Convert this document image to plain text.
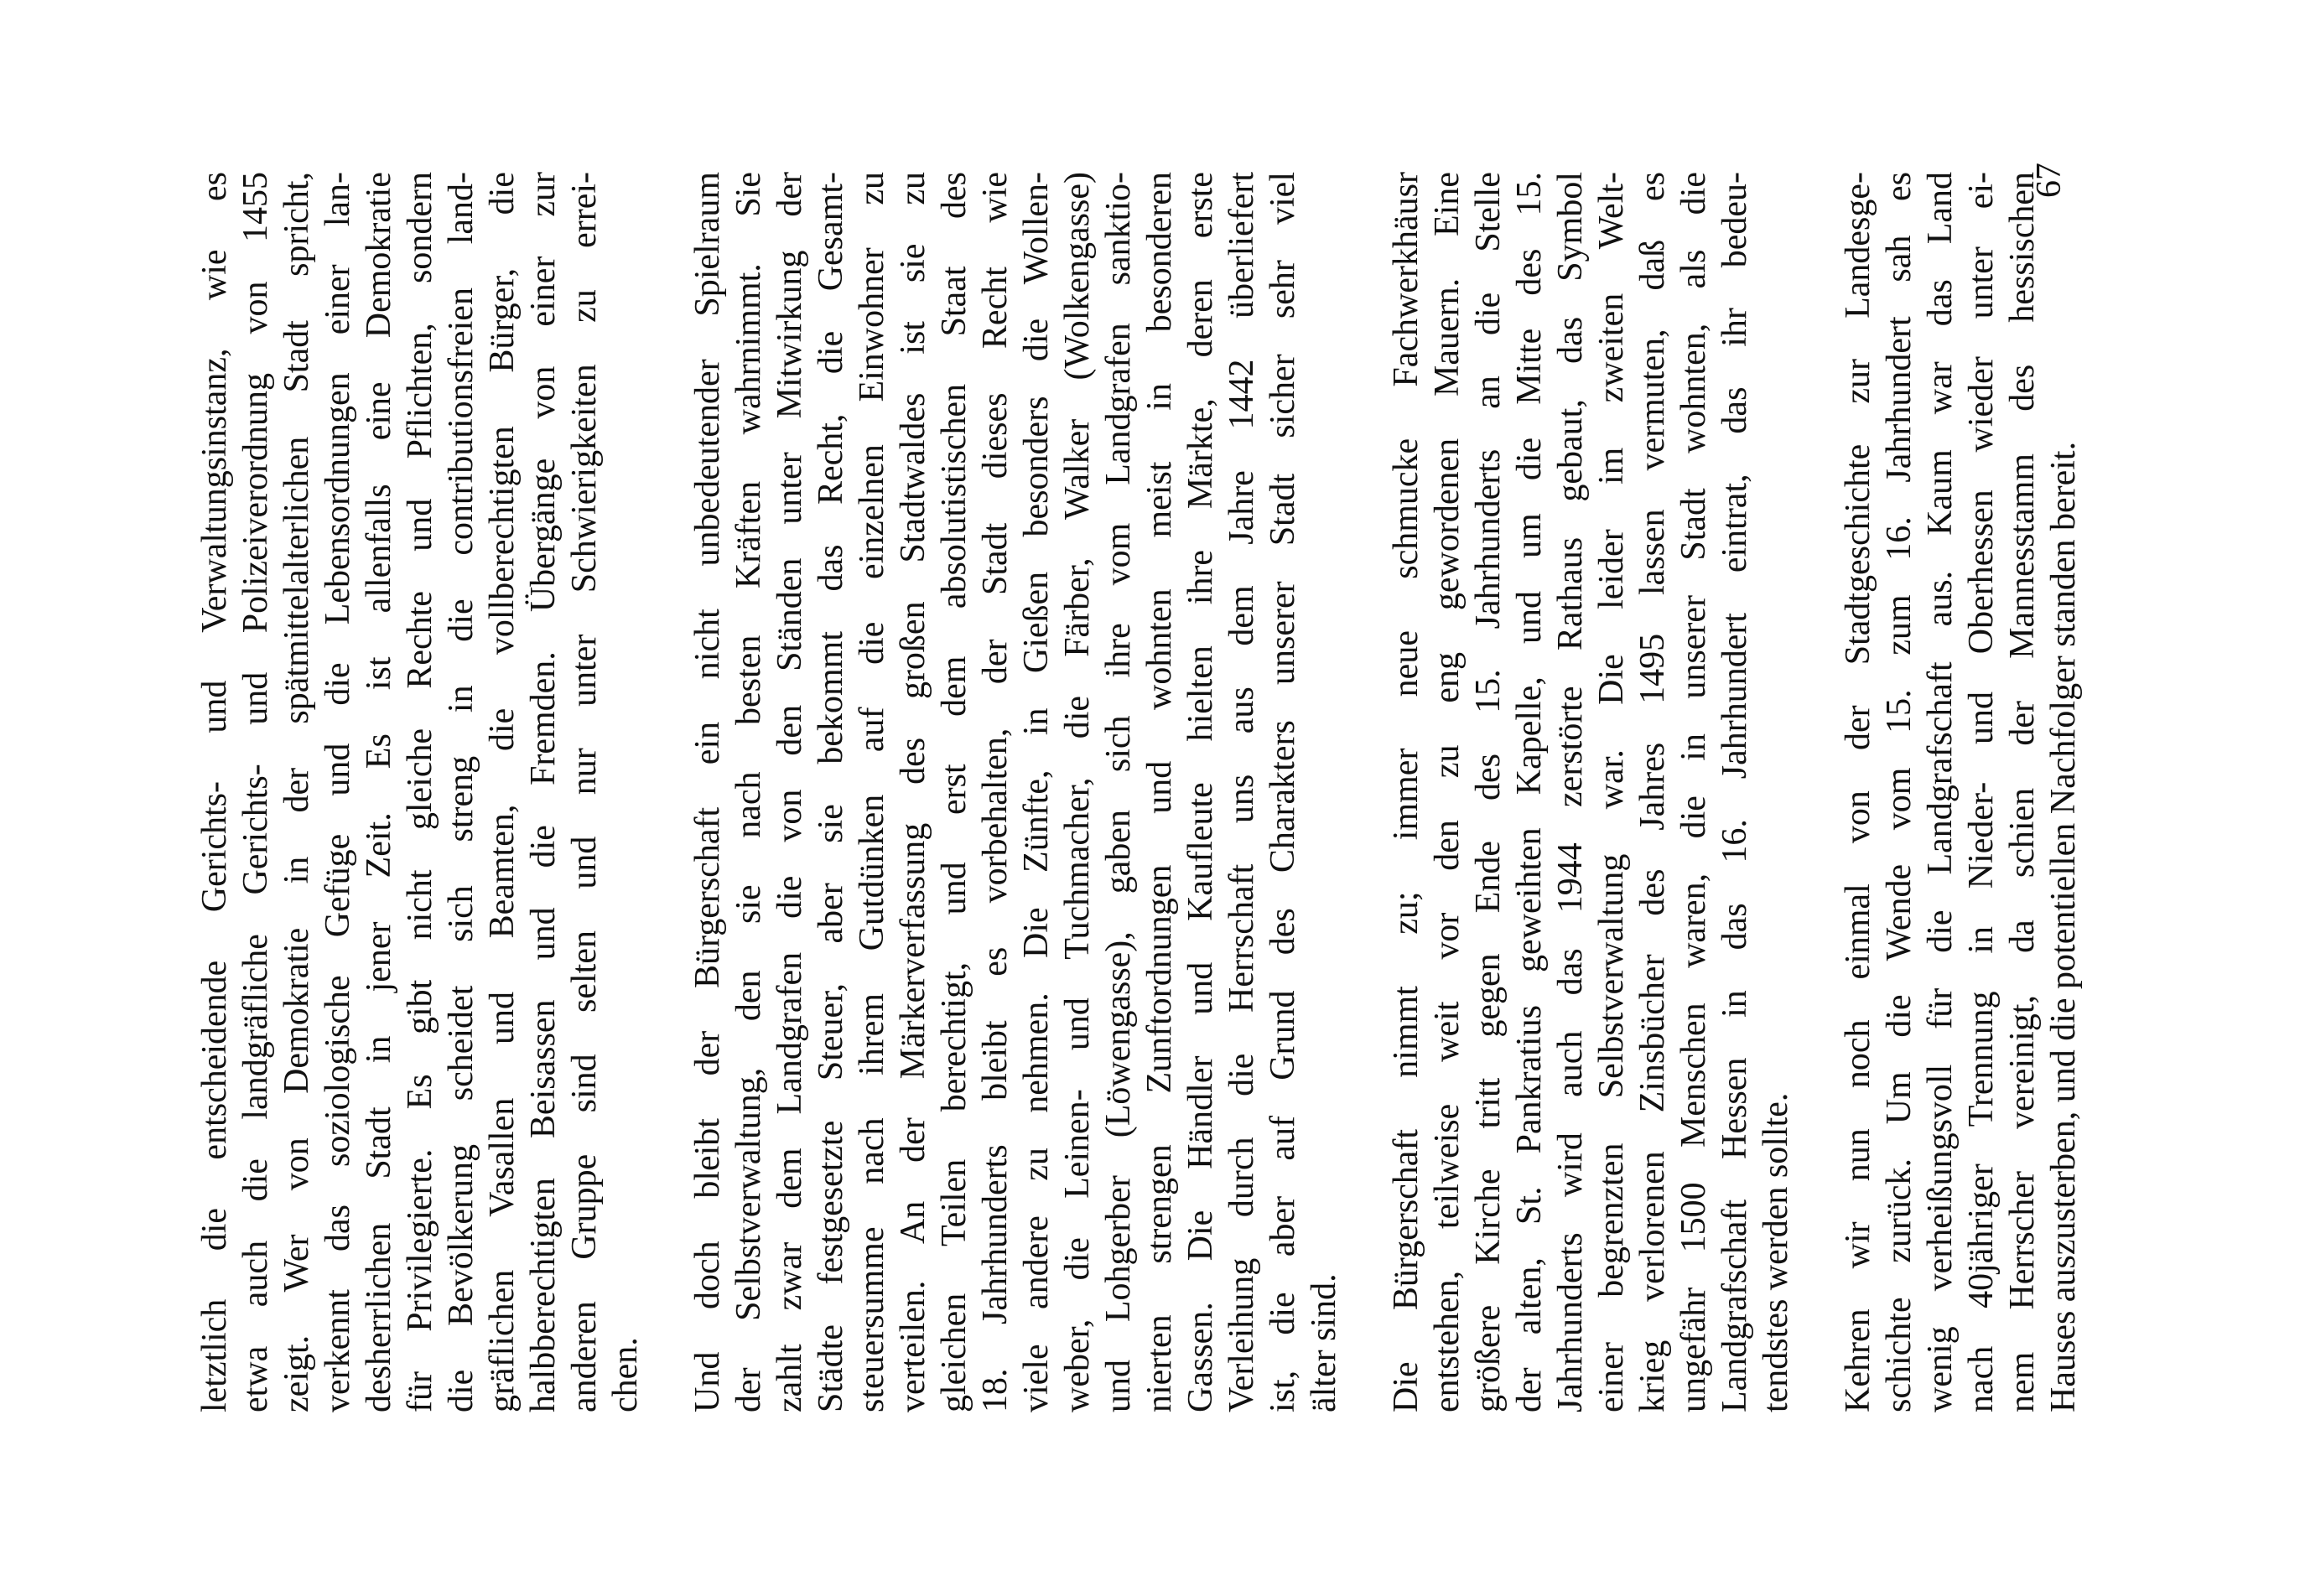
letztlich die entscheidende Gerichts- und Verwaltungsinstanz, wie es etwa auch die landgräfliche Gerichts- und Polizeiverordnung von 1455 zeigt. Wer von Demokratie in der spätmittelalterlichen Stadt spricht, verkennt das soziologische Gefüge und die Lebensordnungen einer lan- desherrlichen Stadt in jener Zeit. Es ist allenfalls eine Demokratie für Privilegierte. Es gibt nicht gleiche Rechte und Pflichten, sondern die Bevölkerung scheidet sich streng in die contributionsfreien land- gräflichen Vasallen und Beamten, die vollberechtigten Bürger, die halbberechtigten Beisassen und die Fremden. Übergänge von einer zur anderen Gruppe sind selten und nur unter Schwierigkeiten zu errei- chen. Und doch bleibt der Bürgerschaft ein nicht unbedeutender Spielraum der Selbstverwaltung, den sie nach besten Kräften wahrnimmt. Sie zahlt zwar dem Landgrafen die von den Ständen unter Mitwirkung der Städte festgesetzte Steuer, aber sie bekommt das Recht, die Gesamt- steuersumme nach ihrem Gutdünken auf die einzelnen Einwohner zu verteilen. An der Märkerverfassung des großen Stadtwaldes ist sie zu gleichen Teilen berechtigt, und erst dem absolutistischen Staat des 18. Jahrhunderts bleibt es vorbehalten, der Stadt dieses Recht wie viele andere zu nehmen. Die Zünfte, in Gießen besonders die Wollen- weber, die Leinen- und Tuchmacher, die Färber, Walker (Wolkengasse) und Lohgerber (Löwengasse), gaben sich ihre vom Landgrafen sanktio- nierten strengen Zunftordnungen und wohnten meist in besonderen Gassen. Die Händler und Kaufleute hielten ihre Märkte, deren erste Verleihung durch die Herrschaft uns aus dem Jahre 1442 überliefert ist, die aber auf Grund des Charakters unserer Stadt sicher sehr viel älter sind. Die Bürgerschaft nimmt zu; immer neue schmucke Fachwerkhäusr entstehen, teilweise weit vor den zu eng gewordenen Mauern. Eine größere Kirche tritt gegen Ende des 15. Jahrhunderts an die Stelle der alten, St. Pankratius geweihten Kapelle, und um die Mitte des 15. Jahrhunderts wird auch das 1944 zerstörte Rathaus gebaut, das Symbol einer begrenzten Selbstverwaltung war. Die leider im zweiten Welt- krieg verlorenen Zinsbücher des Jahres 1495 lassen vermuten, daß es ungefähr 1500 Menschen waren, die in unserer Stadt wohnten, als die Landgrafschaft Hessen in das 16. Jahrhundert eintrat, das ihr bedeu- tendstes werden sollte. Kehren wir nun noch einmal von der Stadtgeschichte zur Landesge- schichte zurück. Um die Wende vom 15. zum 16. Jahrhundert sah es wenig verheißungsvoll für die Landgrafschaft aus. Kaum war das Land nach 40jähriger Trennung in Nieder- und Oberhessen wieder unter ei- nem Herrscher vereinigt, da schien der Mannesstamm des hessischen Hauses auszusterben, und die potentiellen Nachfolger standen bereit.
67
